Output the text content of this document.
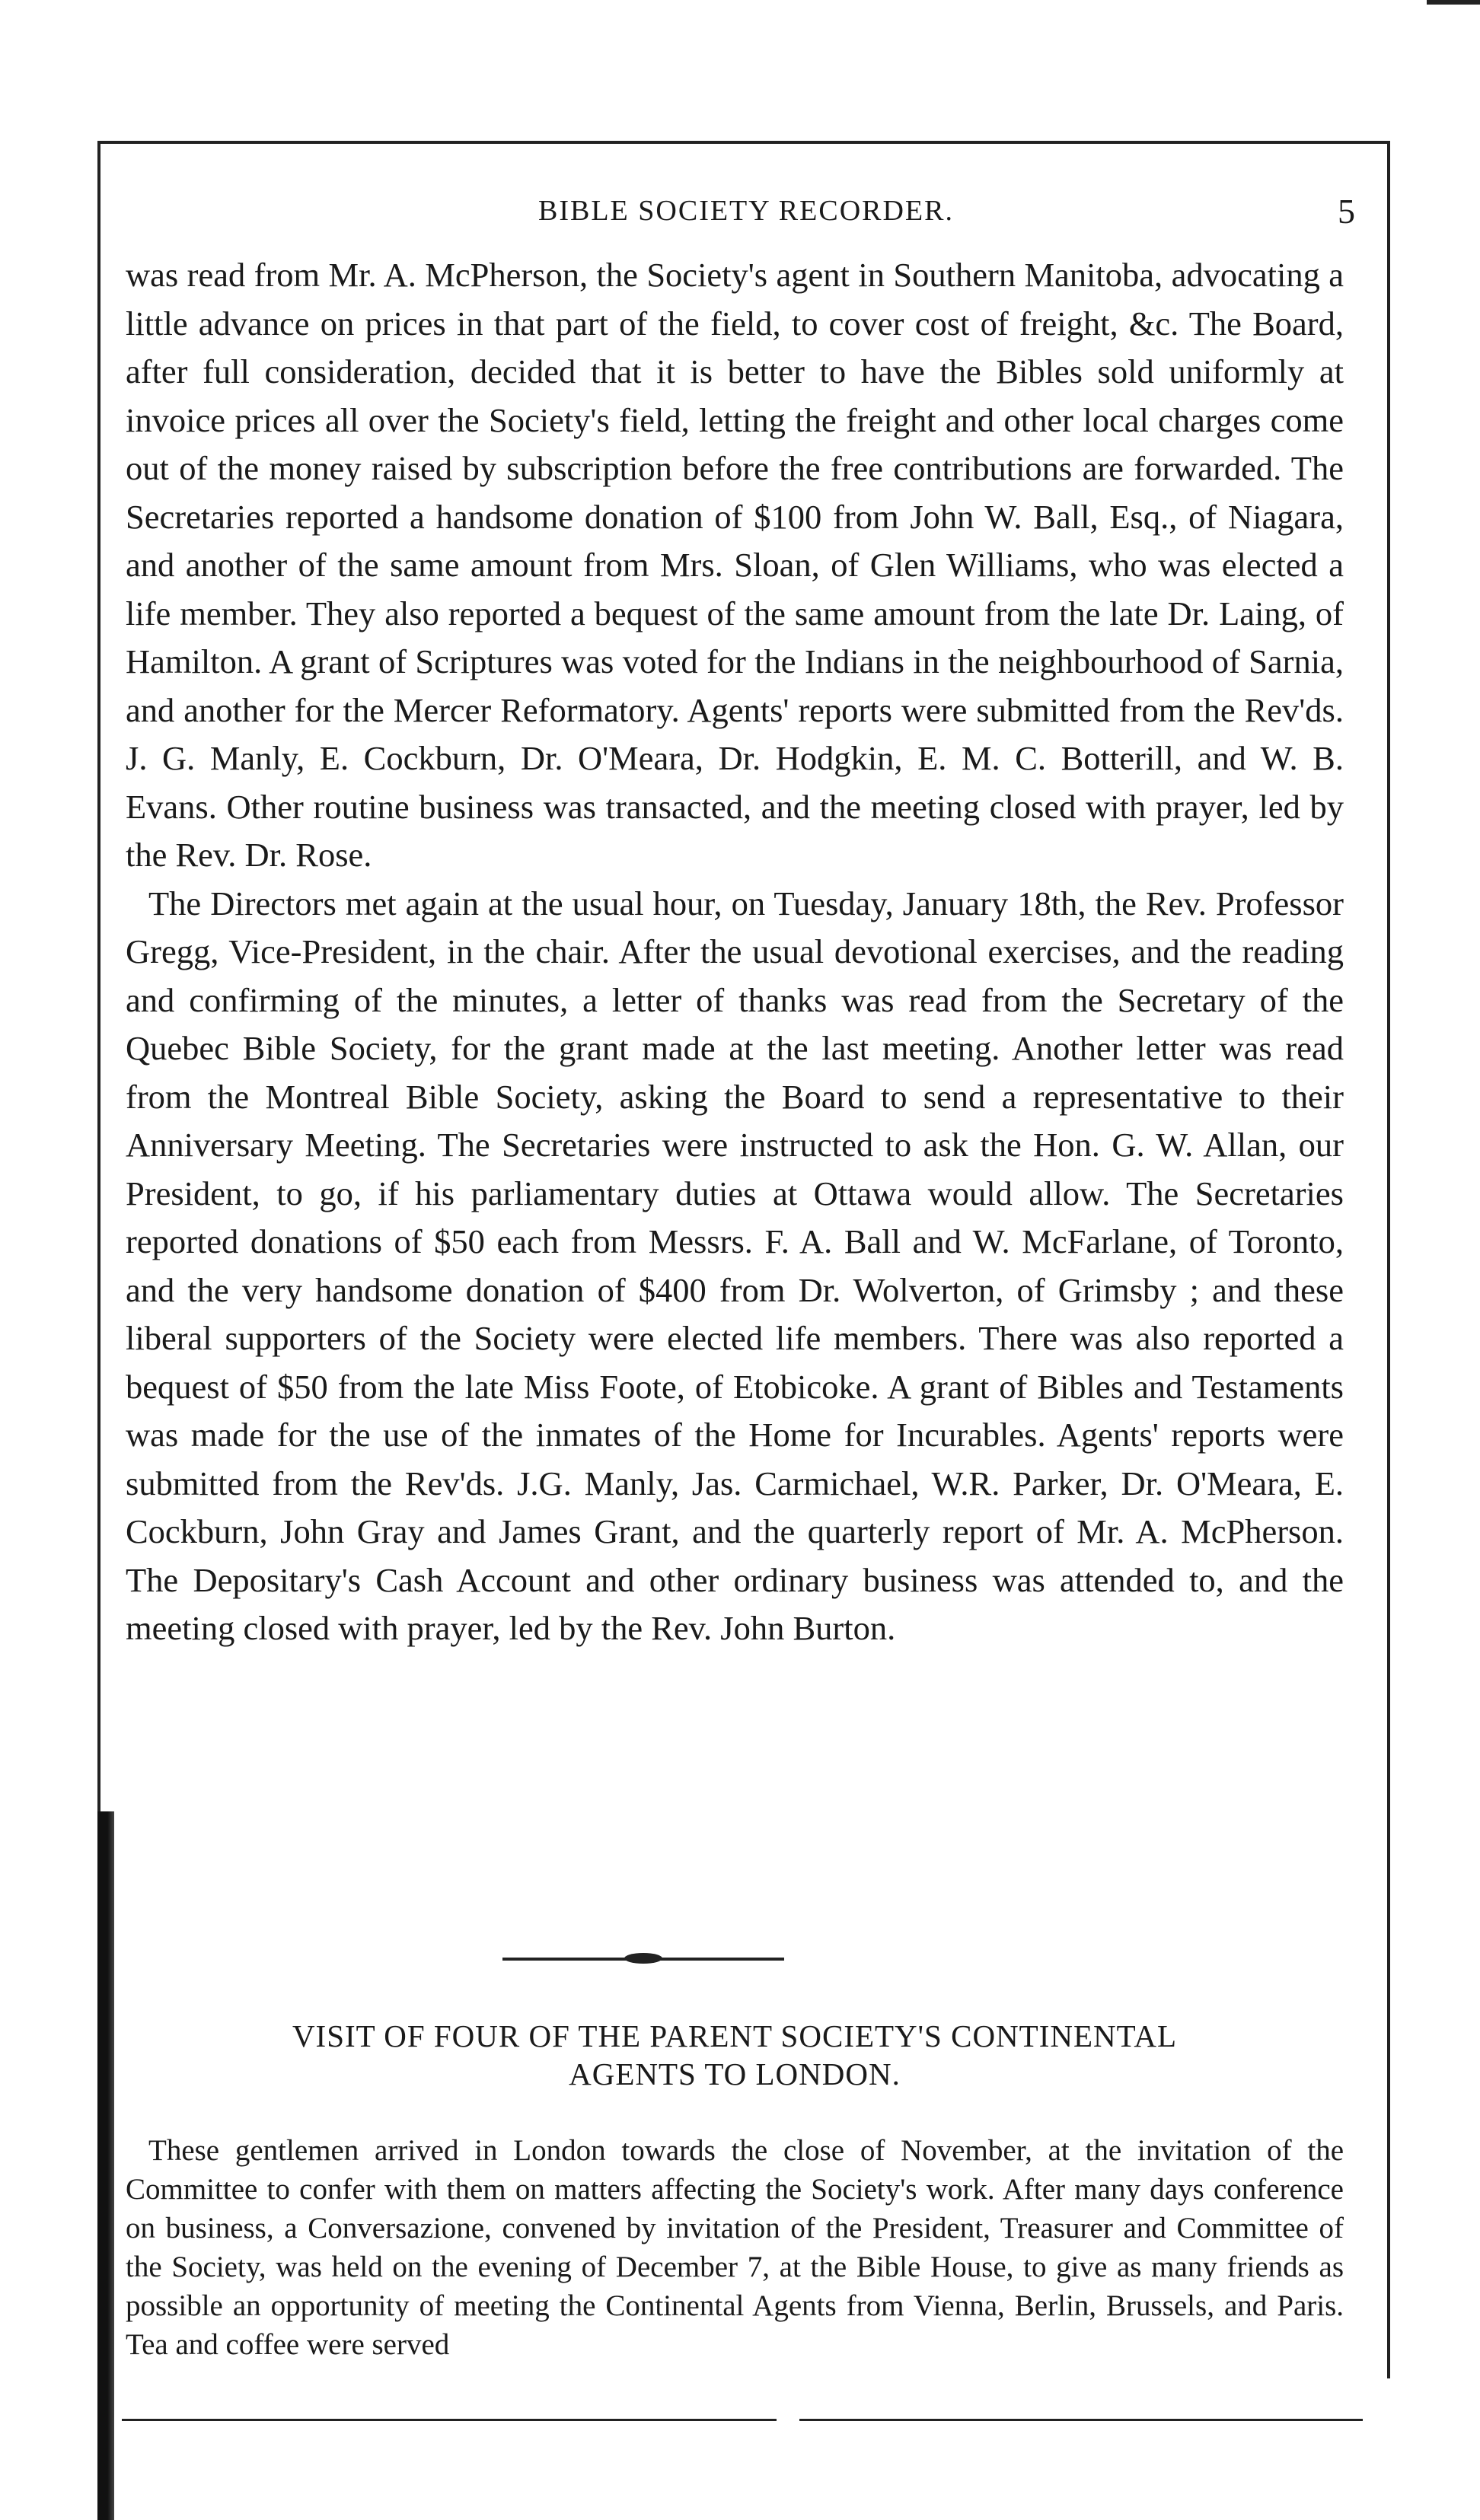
BIBLE SOCIETY RECORDER.	5

was read from Mr. A. McPherson, the Society's agent in Southern Manitoba, advocating a little advance on prices in that part of the field, to cover cost of freight, &c. The Board, after full consideration, decided that it is better to have the Bibles sold uniformly at invoice prices all over the Society's field, letting the freight and other local charges come out of the money raised by subscription before the free contributions are forwarded. The Secretaries reported a handsome donation of $100 from John W. Ball, Esq., of Niagara, and another of the same amount from Mrs. Sloan, of Glen Williams, who was elected a life member. They also reported a bequest of the same amount from the late Dr. Laing, of Hamilton. A grant of Scriptures was voted for the Indians in the neighbourhood of Sarnia, and another for the Mercer Reformatory. Agents' reports were submitted from the Rev'ds. J. G. Manly, E. Cockburn, Dr. O'Meara, Dr. Hodgkin, E. M. C. Botterill, and W. B. Evans. Other routine business was transacted, and the meeting closed with prayer, led by the Rev. Dr. Rose.

The Directors met again at the usual hour, on Tuesday, January 18th, the Rev. Professor Gregg, Vice-President, in the chair. After the usual devotional exercises, and the reading and confirming of the minutes, a letter of thanks was read from the Secretary of the Quebec Bible Society, for the grant made at the last meeting. Another letter was read from the Montreal Bible Society, asking the Board to send a representative to their Anniversary Meeting. The Secretaries were instructed to ask the Hon. G. W. Allan, our President, to go, if his parliamentary duties at Ottawa would allow. The Secretaries reported donations of $50 each from Messrs. F. A. Ball and W. McFarlane, of Toronto, and the very handsome donation of $400 from Dr. Wolverton, of Grimsby ; and these liberal supporters of the Society were elected life members. There was also reported a bequest of $50 from the late Miss Foote, of Etobicoke. A grant of Bibles and Testaments was made for the use of the inmates of the Home for Incurables. Agents' reports were submitted from the Rev'ds. J.G. Manly, Jas. Carmichael, W.R. Parker, Dr. O'Meara, E. Cockburn, John Gray and James Grant, and the quarterly report of Mr. A. McPherson. The Depositary's Cash Account and other ordinary business was attended to, and the meeting closed with prayer, led by the Rev. John Burton.

VISIT OF FOUR OF THE PARENT SOCIETY'S CONTINENTAL
AGENTS TO LONDON.

These gentlemen arrived in London towards the close of November, at the invitation of the Committee to confer with them on matters affecting the Society's work. After many days conference on business, a Conversazione, convened by invitation of the President, Treasurer and Committee of the Society, was held on the evening of December 7, at the Bible House, to give as many friends as possible an opportunity of meeting the Continental Agents from Vienna, Berlin, Brussels, and Paris. Tea and coffee were served
